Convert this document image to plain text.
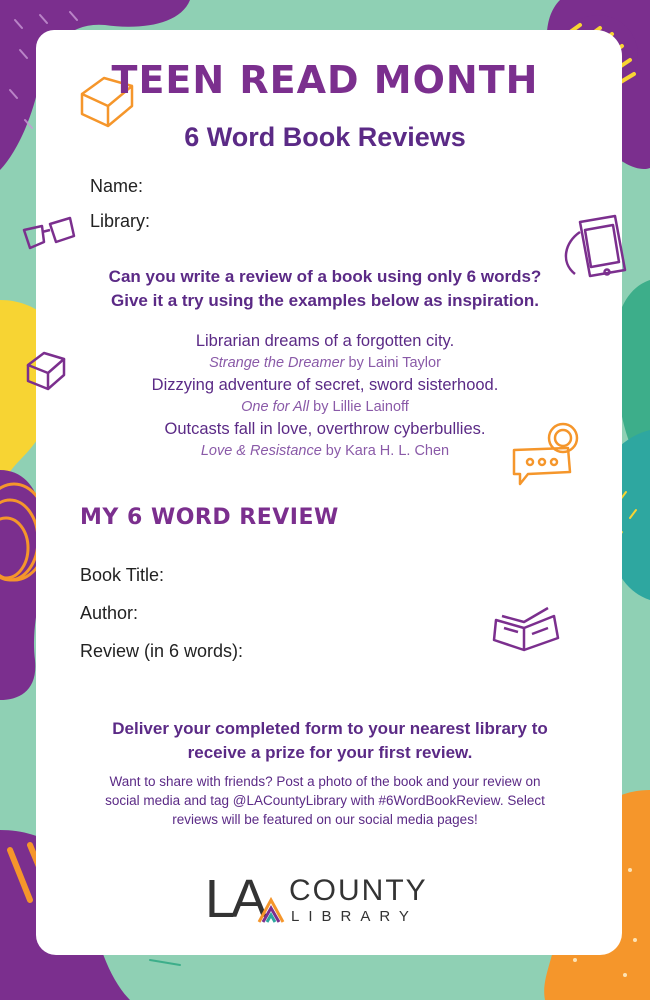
TEEN READ MONTH
6 Word Book Reviews
Name:
Library:
Can you write a review of a book using only 6 words?
Give it a try using the examples below as inspiration.
Librarian dreams of a forgotten city.
Strange the Dreamer by Laini Taylor
Dizzying adventure of secret, sword sisterhood.
One for All by Lillie Lainoff
Outcasts fall in love, overthrow cyberbullies.
Love & Resistance by Kara H. L. Chen
MY 6 WORD REVIEW
Book Title:
Author:
Review (in 6 words):
Deliver your completed form to your nearest library to
receive a prize for your first review.
Want to share with friends? Post a photo of the book and your review on
social media and tag @LACountyLibrary with #6WordBookReview. Select
reviews will be featured on our social media pages!
LA COUNTY
LIBRARY
